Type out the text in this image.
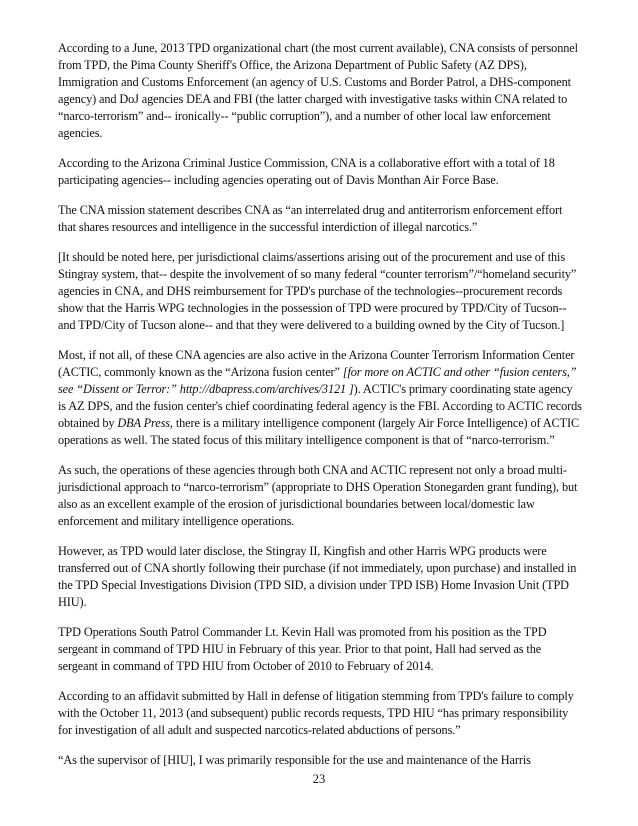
According to a June, 2013 TPD organizational chart (the most current available), CNA consists of personnel from TPD, the Pima County Sheriff's Office, the Arizona Department of Public Safety (AZ DPS), Immigration and Customs Enforcement (an agency of U.S. Customs and Border Patrol, a DHS-component agency) and DoJ agencies DEA and FBI (the latter charged with investigative tasks within CNA related to “narco-terrorism” and-- ironically-- “public corruption”), and a number of other local law enforcement agencies.

According to the Arizona Criminal Justice Commission, CNA is a collaborative effort with a total of 18 participating agencies-- including agencies operating out of Davis Monthan Air Force Base.

The CNA mission statement describes CNA as “an interrelated drug and antiterrorism enforcement effort that shares resources and intelligence in the successful interdiction of illegal narcotics.”

[It should be noted here, per jurisdictional claims/assertions arising out of the procurement and use of this Stingray system, that-- despite the involvement of so many federal “counter terrorism”/“homeland security” agencies in CNA, and DHS reimbursement for TPD's purchase of the technologies--procurement records show that the Harris WPG technologies in the possession of TPD were procured by TPD/City of Tucson-- and TPD/City of Tucson alone-- and that they were delivered to a building owned by the City of Tucson.]

Most, if not all, of these CNA agencies are also active in the Arizona Counter Terrorism Information Center (ACTIC, commonly known as the “Arizona fusion center” [for more on ACTIC and other “fusion centers,” see “Dissent or Terror:” http://dbapress.com/archives/3121 ]). ACTIC's primary coordinating state agency is AZ DPS, and the fusion center's chief coordinating federal agency is the FBI. According to ACTIC records obtained by DBA Press, there is a military intelligence component (largely Air Force Intelligence) of ACTIC operations as well. The stated focus of this military intelligence component is that of “narco-terrorism.”

As such, the operations of these agencies through both CNA and ACTIC represent not only a broad multi-jurisdictional approach to “narco-terrorism” (appropriate to DHS Operation Stonegarden grant funding), but also as an excellent example of the erosion of jurisdictional boundaries between local/domestic law enforcement and military intelligence operations.

However, as TPD would later disclose, the Stingray II, Kingfish and other Harris WPG products were transferred out of CNA shortly following their purchase (if not immediately, upon purchase) and installed in the TPD Special Investigations Division (TPD SID, a division under TPD ISB) Home Invasion Unit (TPD HIU).

TPD Operations South Patrol Commander Lt. Kevin Hall was promoted from his position as the TPD sergeant in command of TPD HIU in February of this year. Prior to that point, Hall had served as the sergeant in command of TPD HIU from October of 2010 to February of 2014.

According to an affidavit submitted by Hall in defense of litigation stemming from TPD's failure to comply with the October 11, 2013 (and subsequent) public records requests, TPD HIU “has primary responsibility for investigation of all adult and suspected narcotics-related abductions of persons.”

“As the supervisor of [HIU], I was primarily responsible for the use and maintenance of the Harris

23
